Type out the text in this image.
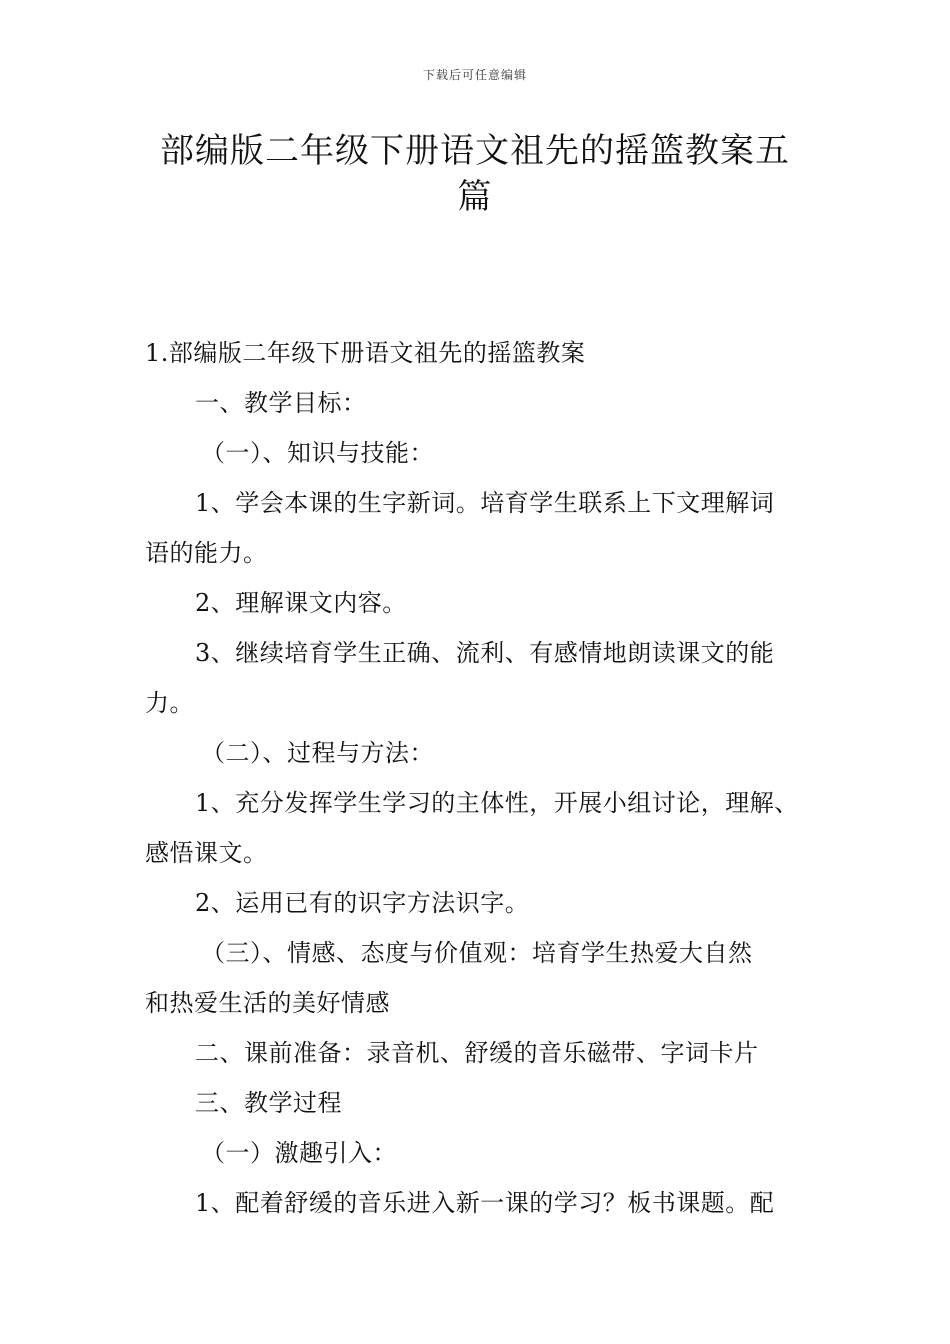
下载后可任意编辑
部编版二年级下册语文祖先的摇篮教案五
篇
1.部编版二年级下册语文祖先的摇篮教案
一、教学目标：
（一）、知识与技能：
1、学会本课的生字新词。培育学生联系上下文理解词
语的能力。
2、理解课文内容。
3、继续培育学生正确、流利、有感情地朗读课文的能
力。
（二）、过程与方法：
1、充分发挥学生学习的主体性，开展小组讨论，理解、
感悟课文。
2、运用已有的识字方法识字。
（三）、情感、态度与价值观：培育学生热爱大自然
和热爱生活的美好情感
二、课前准备：录音机、舒缓的音乐磁带、字词卡片
三、教学过程
（一）激趣引入：
1、配着舒缓的音乐进入新一课的学习？板书课题。配
